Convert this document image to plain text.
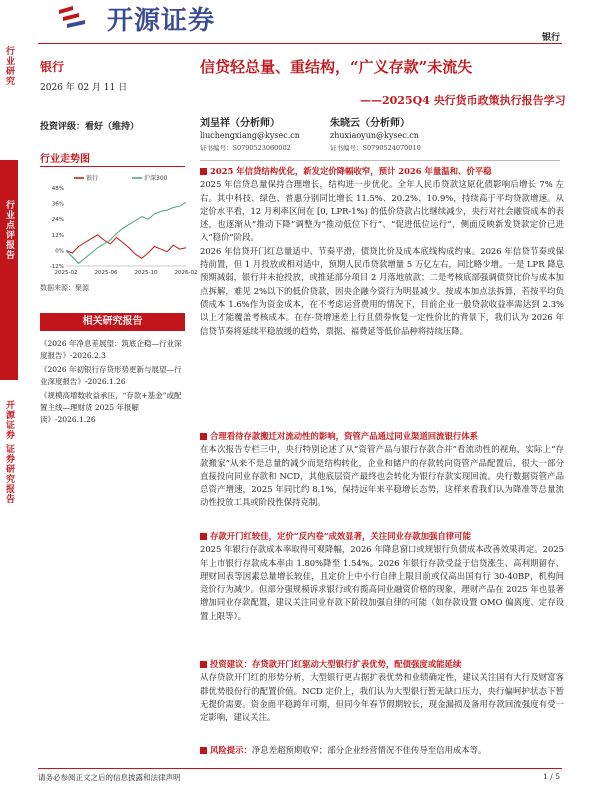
开源证券
银行
行业研究
行业点评报告
开源证券 证券研究报告
银行
2026 年 02 月 11 日
投资评级：看好（维持）
行业走势图
-12%
0%
12%
24%
36%
48%
2025-02	2025-06	2025-10	2026-02
银行	沪深300
数据来源：聚源
相关研究报告

《2026 年净息差展望：筑底企稳—行业深度报告》-2026.2.3

《2026 年初银行存贷形势更新与展望—行业深度报告》-2026.1.26

《规模高增数收益承压，“存款+基金”或配置主线—理财货 2025 年报解读》-2026.1.26

信贷轻总量、重结构，“广义存款”未流失
——2025Q4 央行货币政策执行报告学习
刘呈祥（分析师）
liuchengxiang@kysec.cn
证书编号：S0790523060002
朱晓云（分析师）
zhuxiaoyun@kysec.cn
证书编号：S0790524070010
2025 年信贷结构优化，新发定价降幅收窄，预计 2026 年量温和、价平稳

2025 年信贷总量保持合理增长，结构进一步优化。全年人民币贷款这原化债影响后增长 7% 左右。其中科技、绿色、普惠分别同比增长 11.5%、20.2%、10.9%，持续高于平均贷款增速。从定价水平看，12 月利率区间在 [0, LPR-1%) 的低价贷款占比继续减少，央行对社会融资成本的表述，也逐渐从“推动下降”调整为“推动低位下行”、“促进低位运行”，侧面反映新发贷款定价已进入“稳价”阶段。

2026 年信贷开门红总量适中、节奏平滑，债贷比价及成本底线构成约束。2026 年信贷节奏或保持前置，但 1 月投放或相对适中，预期人民币贷款增量 5 万亿左右，同比略少增。一是 LPR 降息预期减弱，银行并未抢投放，或推延部分项目 2 月落地放款；二是考核底部强调债贷比价与成本加点拆解，难见 2%以下的低价贷款，因央企融今资行为明显减少。按成本加点法拆算，若按平均负债成本 1.6%作为资金成本，在不考虑运营费用的情况下，目前企业一般贷款收益率需达到 2.3%以上才能覆盖考核成本。在存-贷增速差上行且债券恢复一定性价比的背景下，我们认为 2026 年信贷节奏将延续平稳放缓的趋势，票据、福费延等低价品种将持续压降。

合理看待存款搬迁对流动性的影响，资管产品通过同业渠道回流银行体系

在本次报告专栏三中，央行特别论述了从“资管产品与银行存款合并”看流动性的视角，实际上“存款搬家”从来不是总量的减少而是结构转化，企业和储户的存款转向资管产品配置后，很大一部分直接投向同业存款和 NCD，其他底层资产最终也会转化为银行存款实现回流。央行数据资管产品总资产增速，2025 年同比约 8.1%，保持远年来平稳增长态势，这样来看我们认为降准等总量流动性投放工具或阶段性保持克制。

存款开门红较佳，定价“反内卷”成效显著，关注同业存款加强自律可能

2025 年银行存款成本率取得可观降幅，2026 年降息窗口或规银行负债成本改善效果再定。2025 年上市银行存款成本率由 1.80%降至 1.54%。2026 年银行存款受益于信贷涨生、高利期留存、理财回表等因素总量增长较佳，且定价上中小行自律上限目前或仅高出国有行 30-40BP，机构间竞价行为减少。但部分强规模诉求银行或有揽高同业融资价格的现象，理财产品在 2025 年也显著增加同业存款配置，建议关注同业存款下阶段加强自律的可能（如存款设置 OMO 偏离度、定存设置上限等）。

投资建议：存贷款开门红驱动大型银行扩表优势，配债强度或能延续

从存贷款开门红的形势分析，大型银行更占据扩表优势和业绩确定性，建议关注国有大行及财富客群优势股份行的配置价值。NCD 定价上，我们认为大型银行暂无缺口压力，央行偏呵护状态下暂无提价需要。资金面平稳跨年可期，但同今年春节假期较长，现金漏损及备用存款回流强度有受一定影响，建议关注。

风险提示： 净息差超预期收窄；部分企业经营情况不佳传导至信用成本等。
请务必参阅正文之后的信息披露和法律声明	1 / 5
